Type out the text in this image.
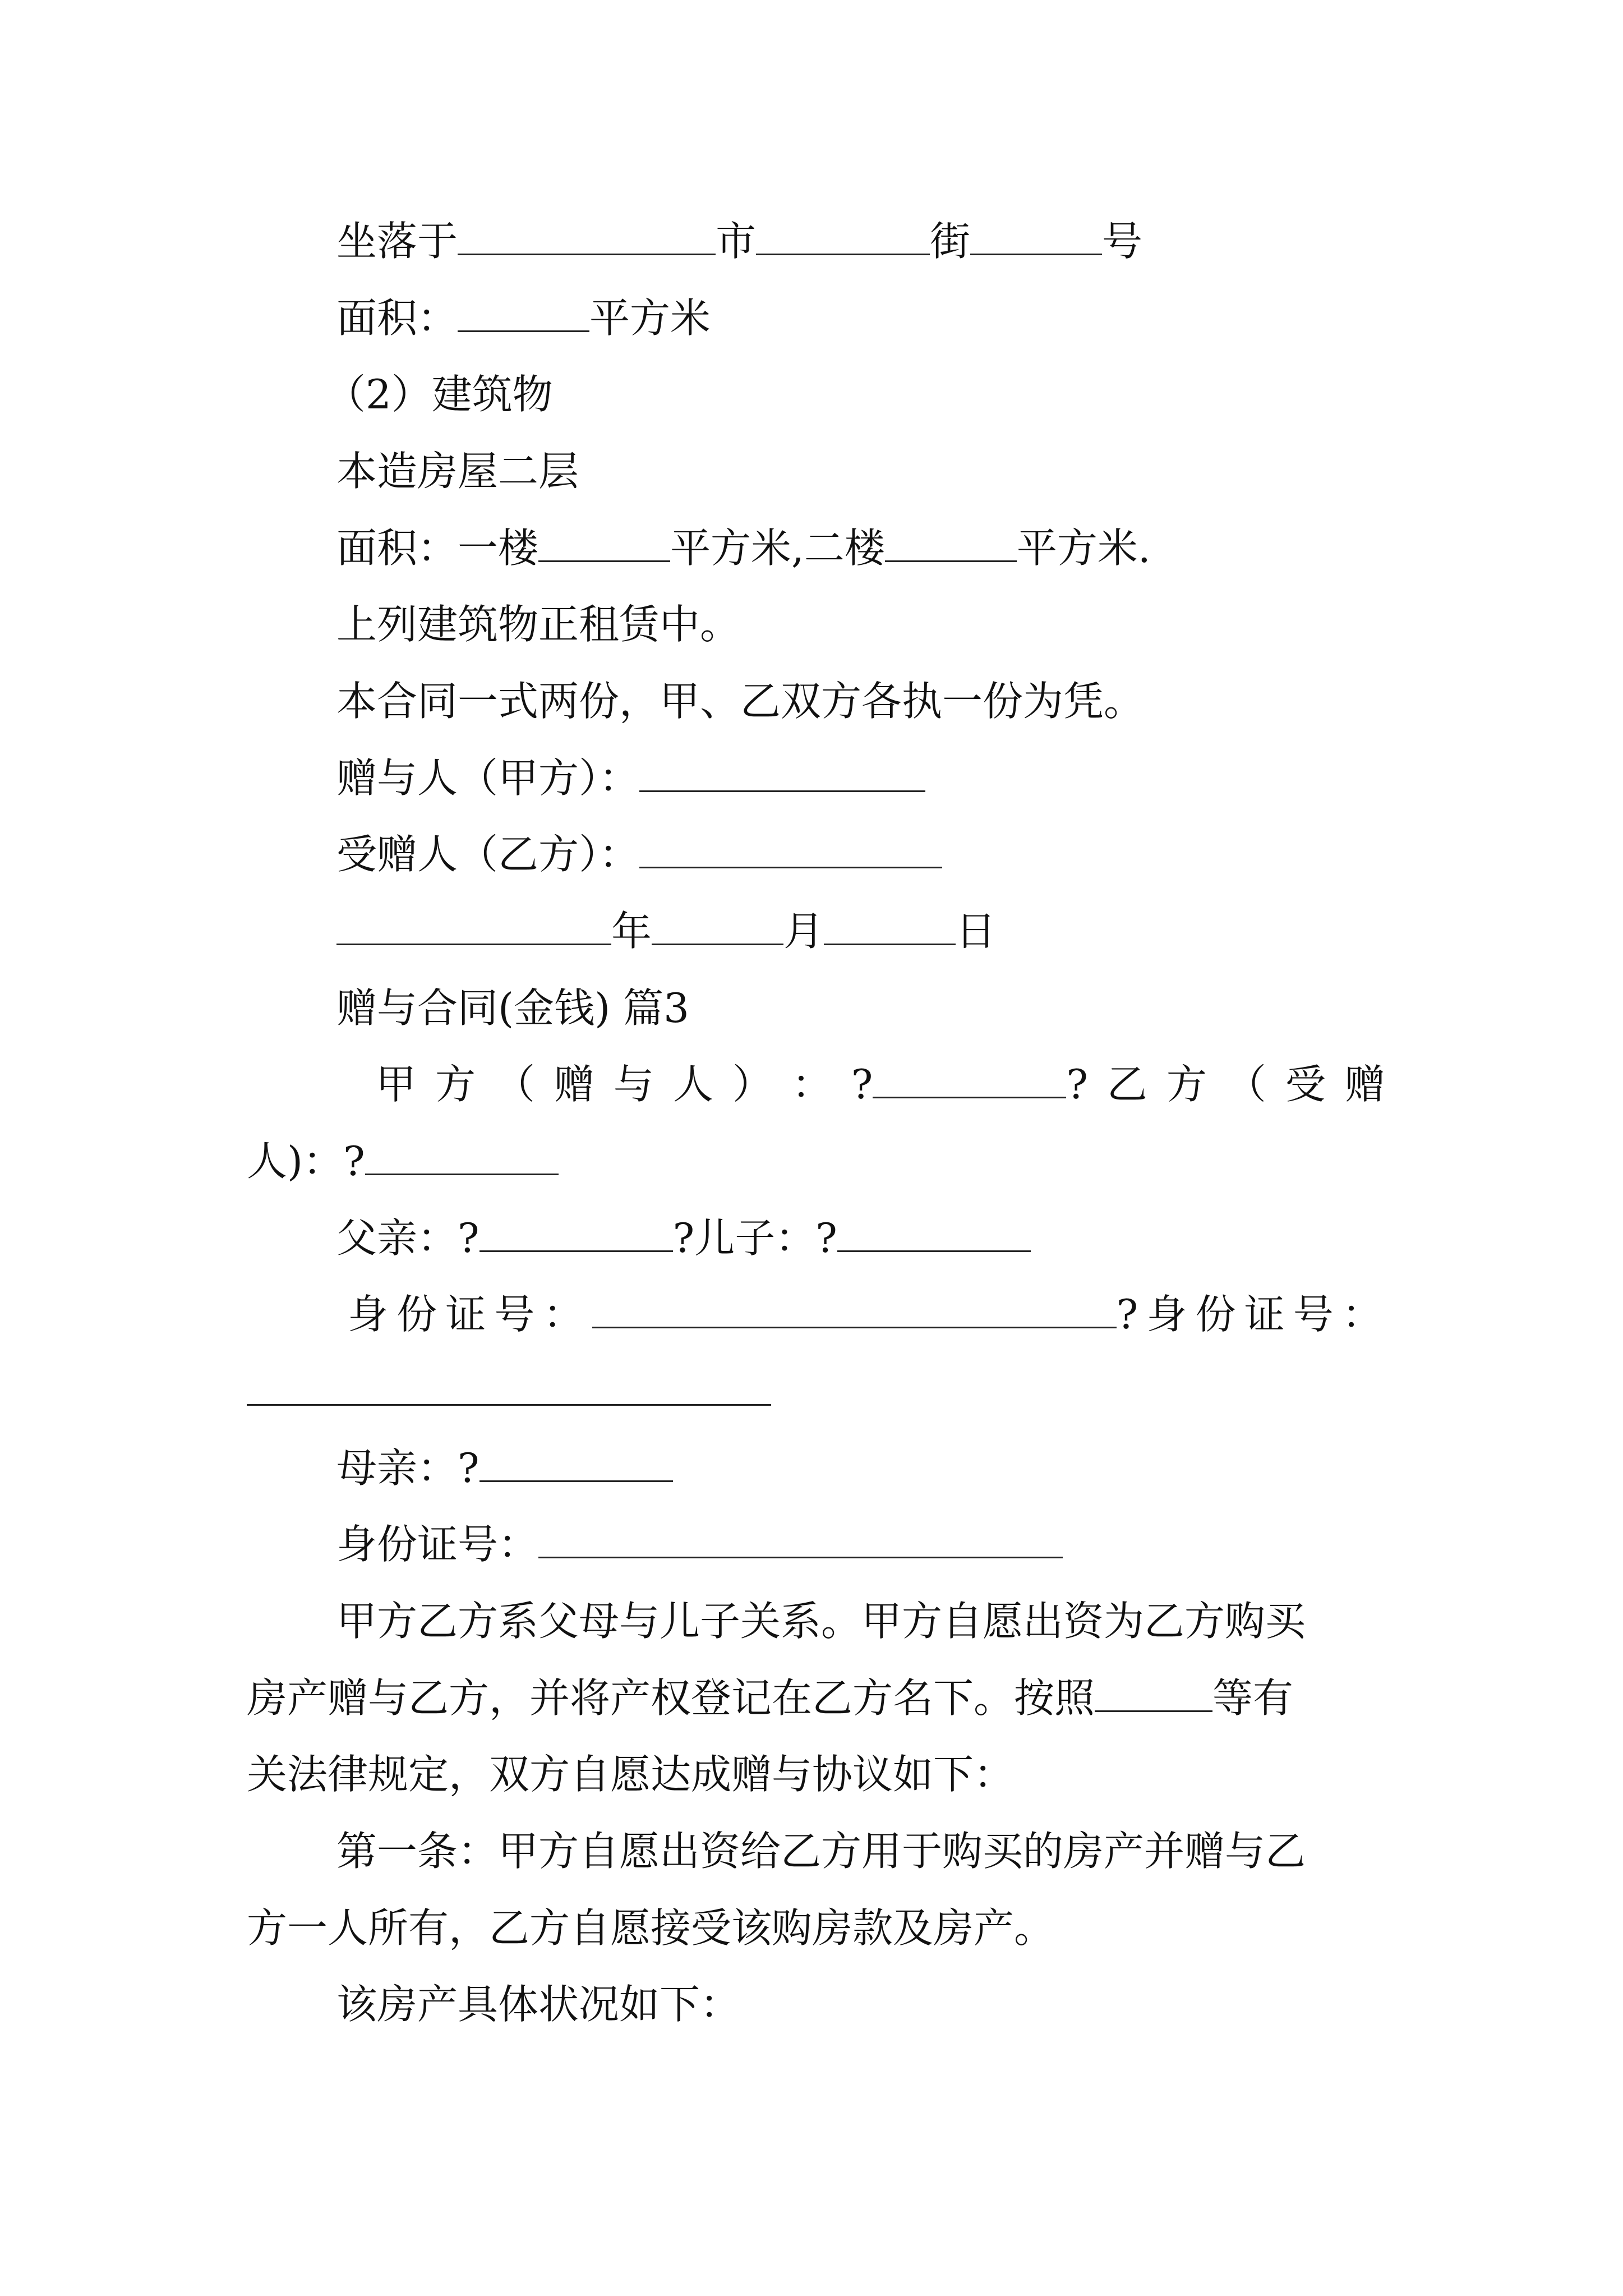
坐落于	市	街	号
面积：	平方米
（2）建筑物
本造房屋二层
面积：一楼	平方米,二楼	平方米.
上列建筑物正租赁中。
本合同一式两份，甲、乙双方各执一份为凭。
赠与人（甲方）：
受赠人（乙方）：
年	月	日
赠与合同(金钱) 篇3
甲 方 （ 赠 与 人 ） ： ?	? 乙 方 （ 受 赠
人)：?
父亲：?	?儿子：?
身 份 证 号 ：	? 身 份 证 号 ：
母亲：?
身份证号：
甲方乙方系父母与儿子关系。甲方自愿出资为乙方购买
房产赠与乙方，并将产权登记在乙方名下。按照	等有
关法律规定，双方自愿达成赠与协议如下：
第一条：甲方自愿出资给乙方用于购买的房产并赠与乙
方一人所有，乙方自愿接受该购房款及房产。
该房产具体状况如下：
